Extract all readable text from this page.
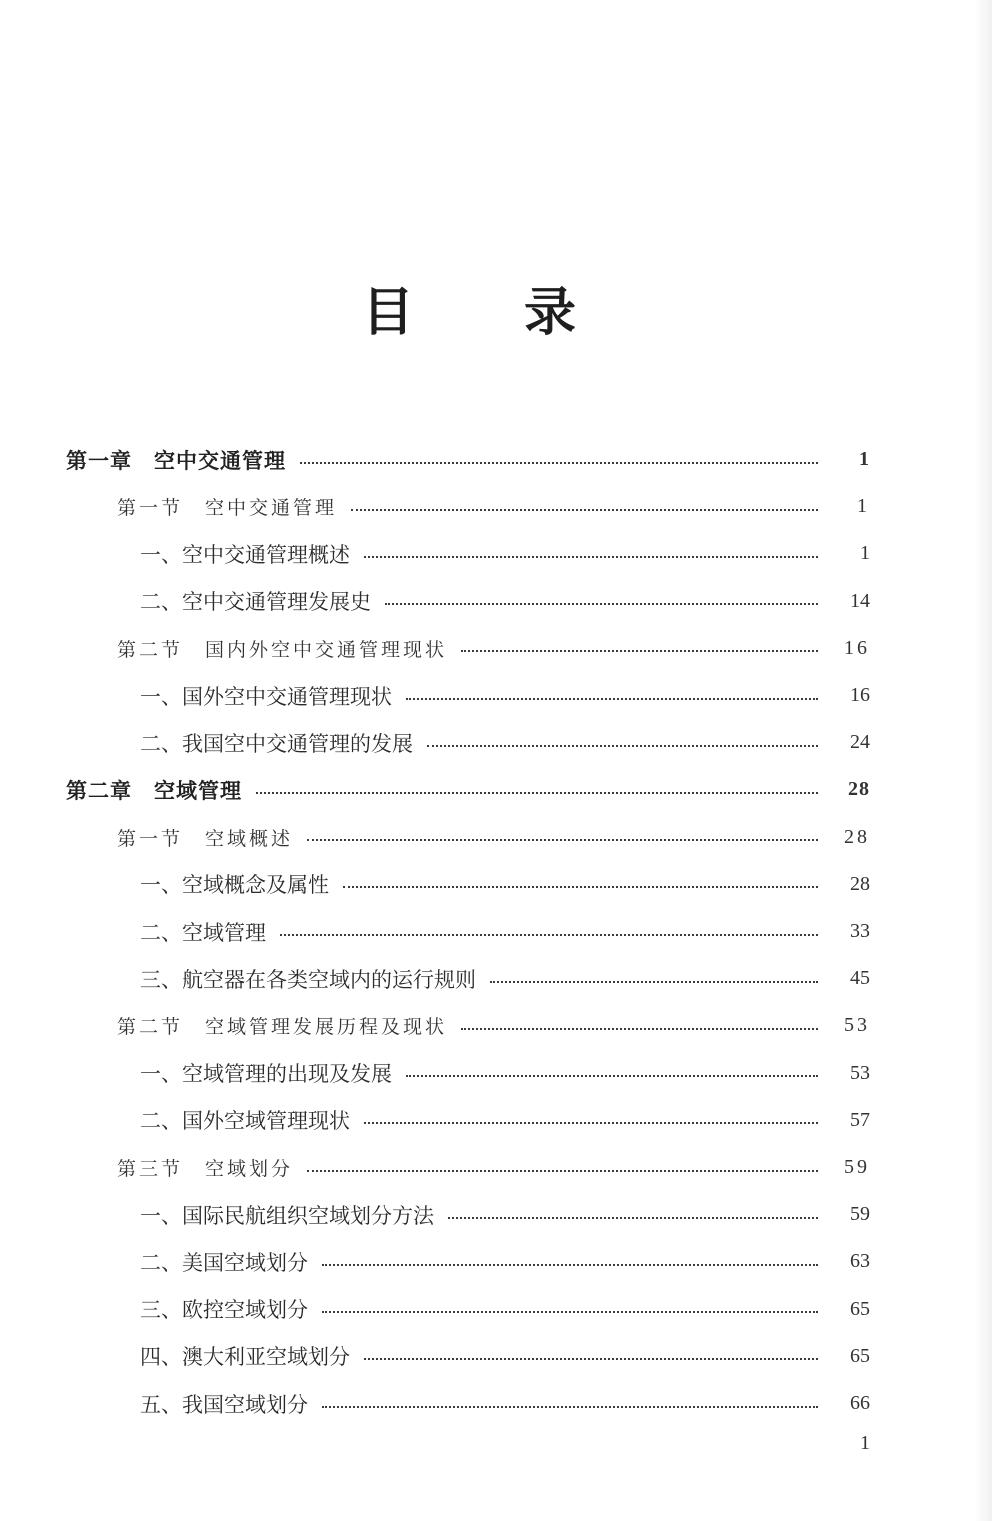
目 录
第一章　空中交通管理	1
第一节　空中交通管理	1
一、空中交通管理概述	1
二、空中交通管理发展史	14
第二节　国内外空中交通管理现状	16
一、国外空中交通管理现状	16
二、我国空中交通管理的发展	24
第二章　空域管理	28
第一节　空域概述	28
一、空域概念及属性	28
二、空域管理	33
三、航空器在各类空域内的运行规则	45
第二节　空域管理发展历程及现状	53
一、空域管理的出现及发展	53
二、国外空域管理现状	57
第三节　空域划分	59
一、国际民航组织空域划分方法	59
二、美国空域划分	63
三、欧控空域划分	65
四、澳大利亚空域划分	65
五、我国空域划分	66
1
